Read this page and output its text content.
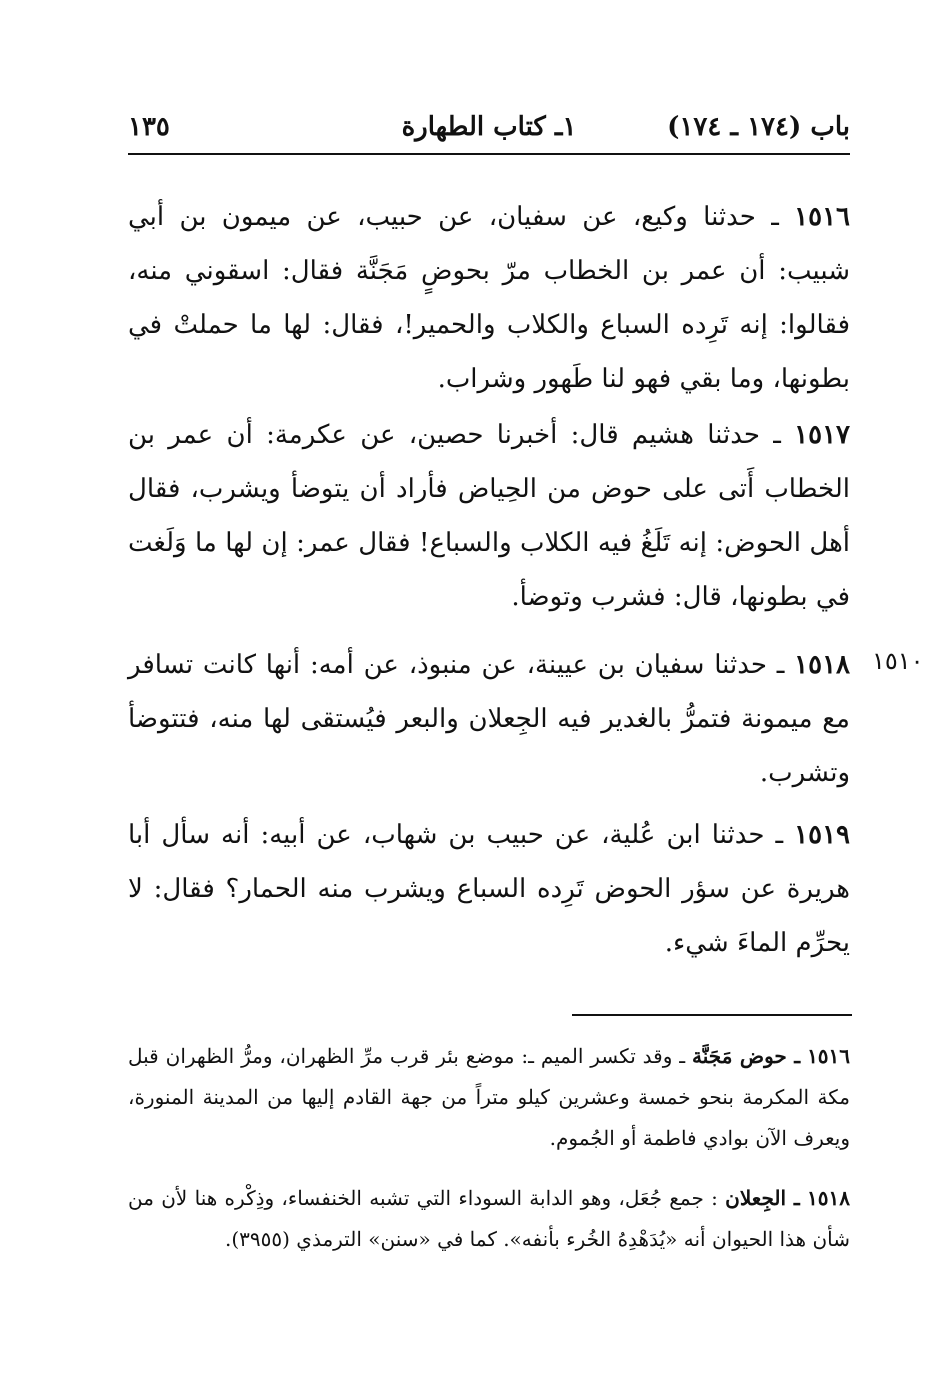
باب (١٧٤ ـ ١٧٤)
١ـ كتاب الطهارة
١٣٥
١٥١٦ ـ حدثنا وكيع، عن سفيان، عن حبيب، عن ميمون بن أبي شبيب: أن عمر بن الخطاب مرّ بحوضٍ مَجَنَّة فقال: اسقوني منه، فقالوا: إنه تَرِده السباع والكلاب والحمير!، فقال: لها ما حملتْ في بطونها، وما بقي فهو لنا طَهور وشراب.
١٥١٧ ـ حدثنا هشيم قال: أخبرنا حصين، عن عكرمة: أن عمر بن الخطاب أَتى على حوض من الحِياض فأراد أن يتوضأ ويشرب، فقال أهل الحوض: إنه تَلَغُ فيه الكلاب والسباع! فقال عمر: إن لها ما وَلَغت في بطونها، قال: فشرب وتوضأ.
١٥١٠
١٥١٨ ـ حدثنا سفيان بن عيينة، عن منبوذ، عن أمه: أنها كانت تسافر مع ميمونة فتمرُّ بالغدير فيه الجِعلان والبعر فيُستقى لها منه، فتتوضأ وتشرب.
١٥١٩ ـ حدثنا ابن عُلية، عن حبيب بن شهاب، عن أبيه: أنه سأل أبا هريرة عن سؤر الحوض تَرِده السباع ويشرب منه الحمار؟ فقال: لا يحرِّم الماءَ شيء.
١٥١٦ ـ حوض مَجَنَّة ـ وقد تكسر الميم ـ: موضع بئر قرب مرِّ الظهران، ومرُّ الظهران قبل مكة المكرمة بنحو خمسة وعشرين كيلو متراً من جهة القادم إليها من المدينة المنورة، ويعرف الآن بوادي فاطمة أو الجُموم.
١٥١٨ ـ الجِعلان : جمع جُعَل، وهو الدابة السوداء التي تشبه الخنفساء، وذِكْره هنا لأن من شأن هذا الحيوان أنه «يُدَهْدِهُ الخُرء بأنفه». كما في «سنن» الترمذي (٣٩٥٥).
